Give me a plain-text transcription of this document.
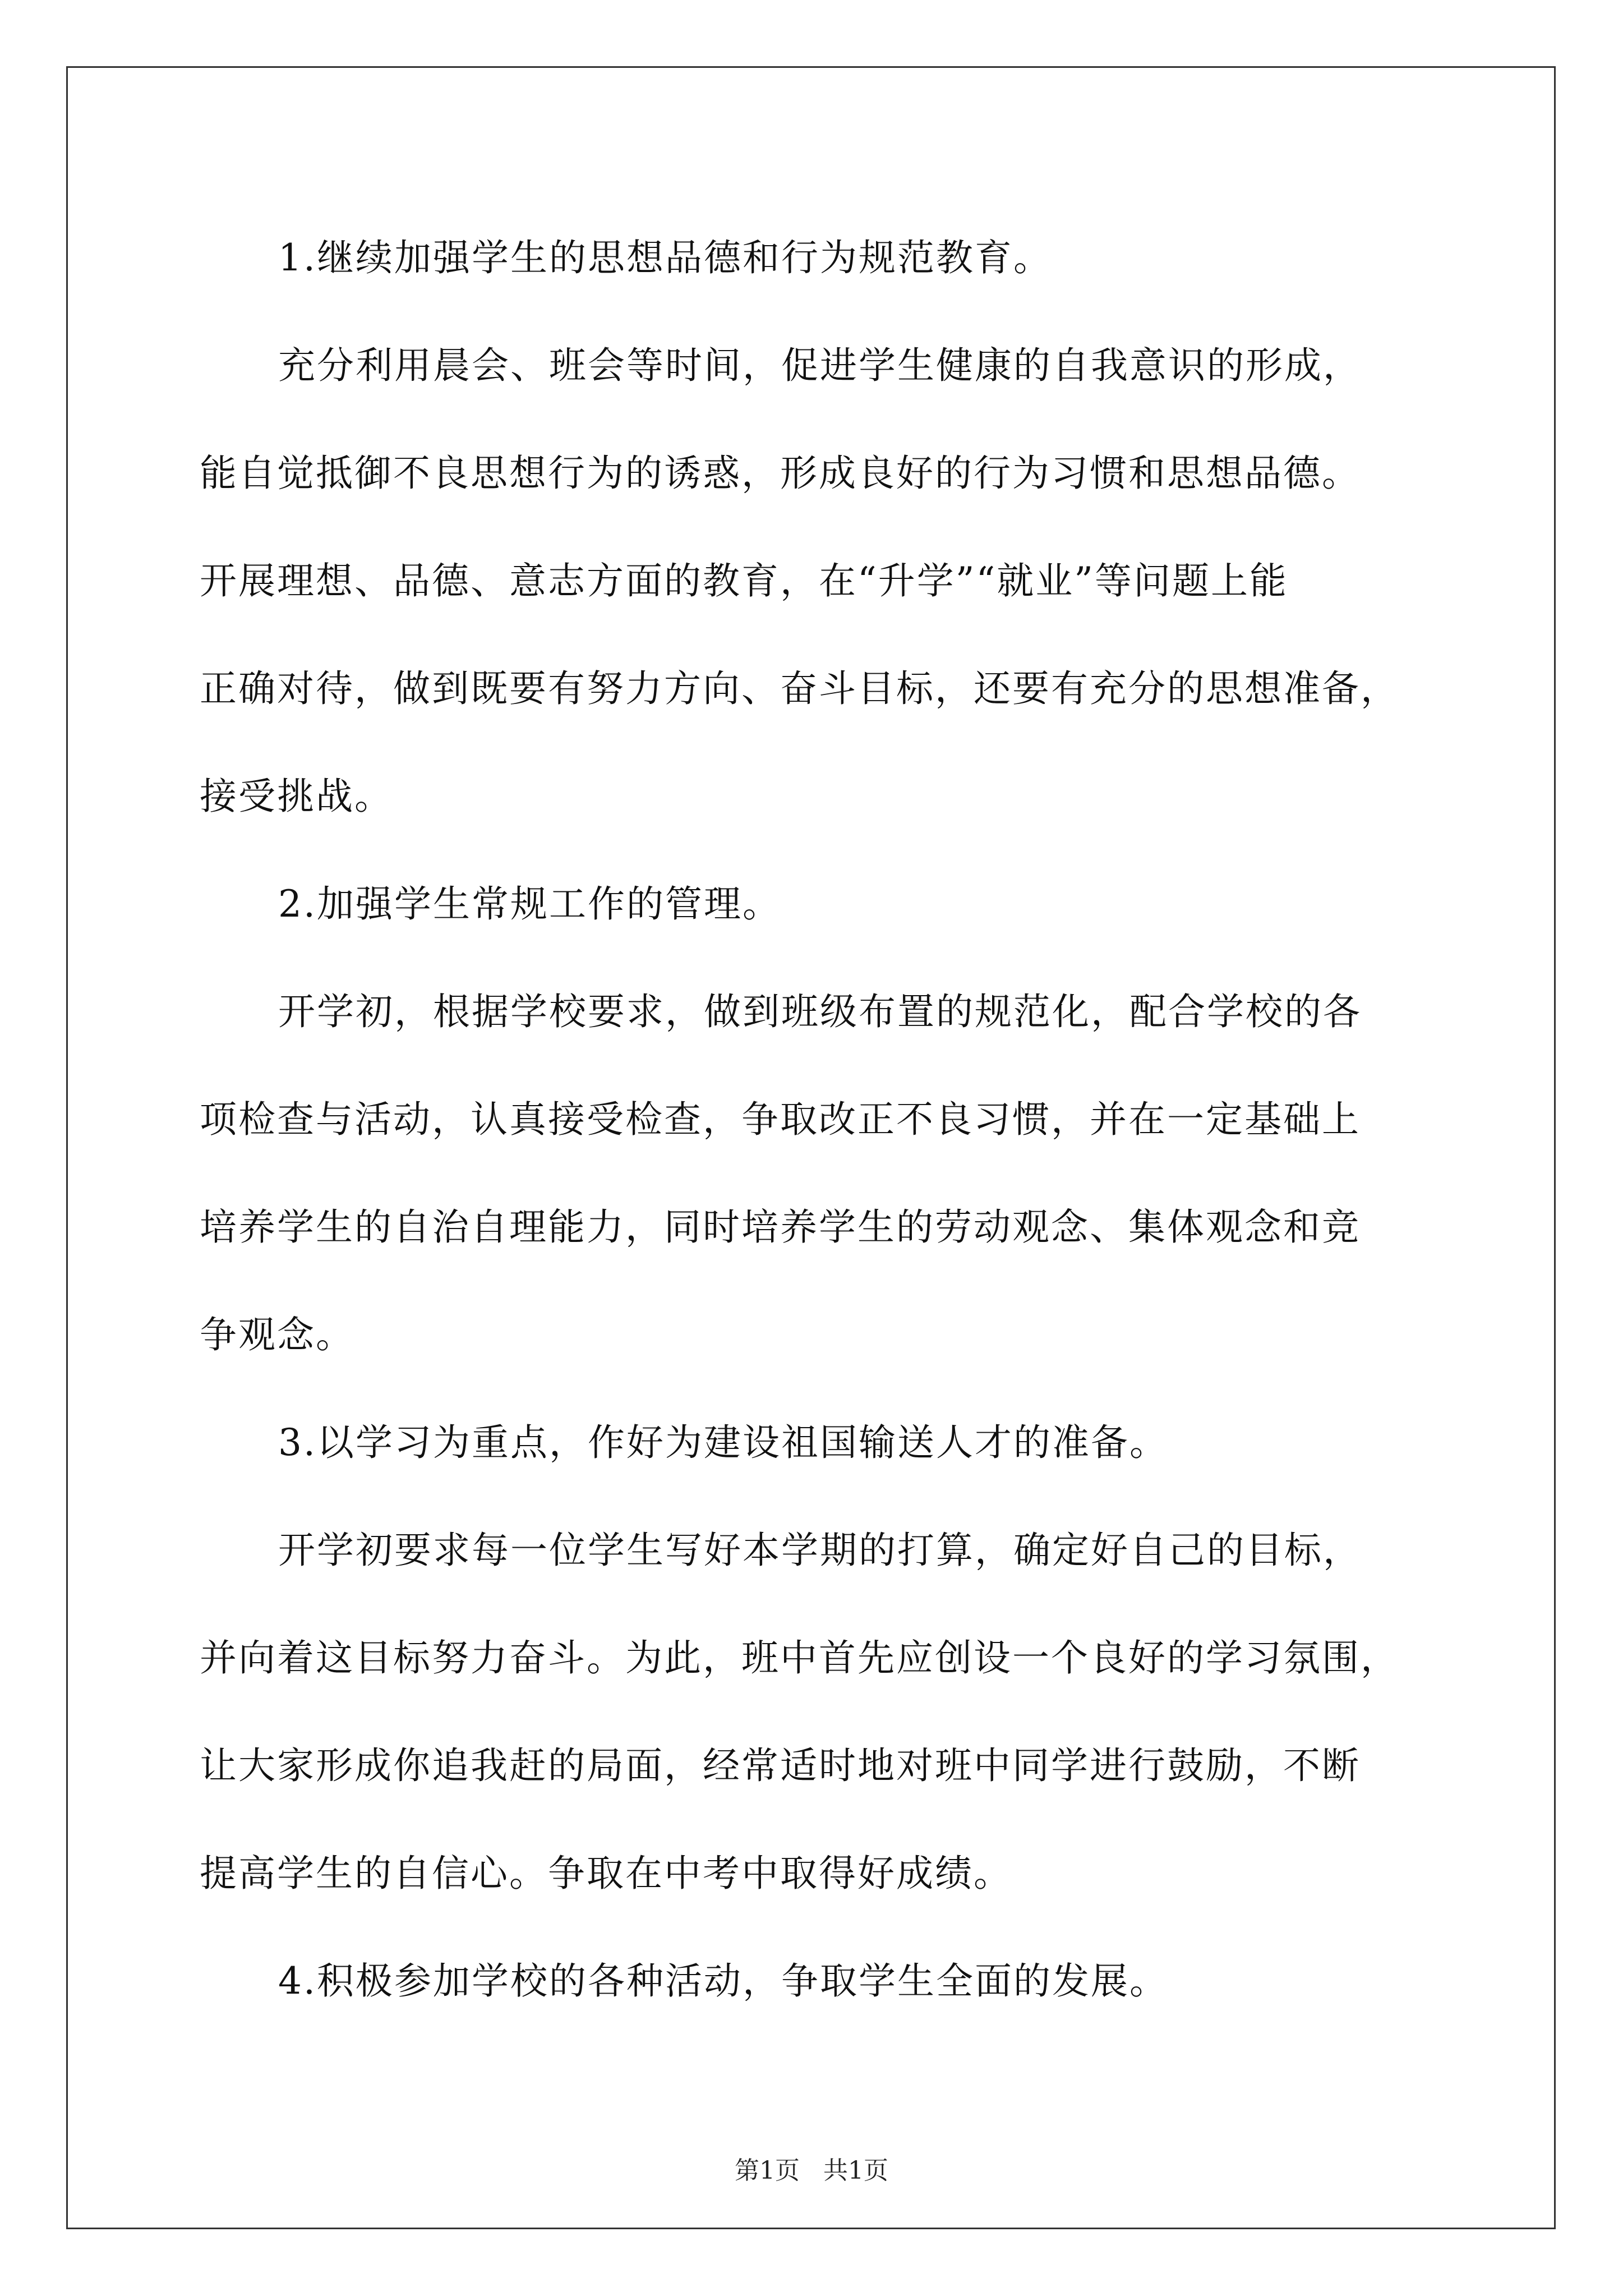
1.继续加强学生的思想品德和行为规范教育。

充分利用晨会、班会等时间，促进学生健康的自我意识的形成，
能自觉抵御不良思想行为的诱惑，形成良好的行为习惯和思想品德。
开展理想、品德、意志方面的教育，在“升学”“就业”等问题上能
正确对待，做到既要有努力方向、奋斗目标，还要有充分的思想准备，
接受挑战。

2.加强学生常规工作的管理。

开学初，根据学校要求，做到班级布置的规范化，配合学校的各
项检查与活动，认真接受检查，争取改正不良习惯，并在一定基础上
培养学生的自治自理能力，同时培养学生的劳动观念、集体观念和竞
争观念。

3.以学习为重点，作好为建设祖国输送人才的准备。

开学初要求每一位学生写好本学期的打算，确定好自己的目标，
并向着这目标努力奋斗。为此，班中首先应创设一个良好的学习氛围，
让大家形成你追我赶的局面，经常适时地对班中同学进行鼓励，不断
提高学生的自信心。争取在中考中取得好成绩。

4.积极参加学校的各种活动，争取学生全面的发展。

第1页   共1页
